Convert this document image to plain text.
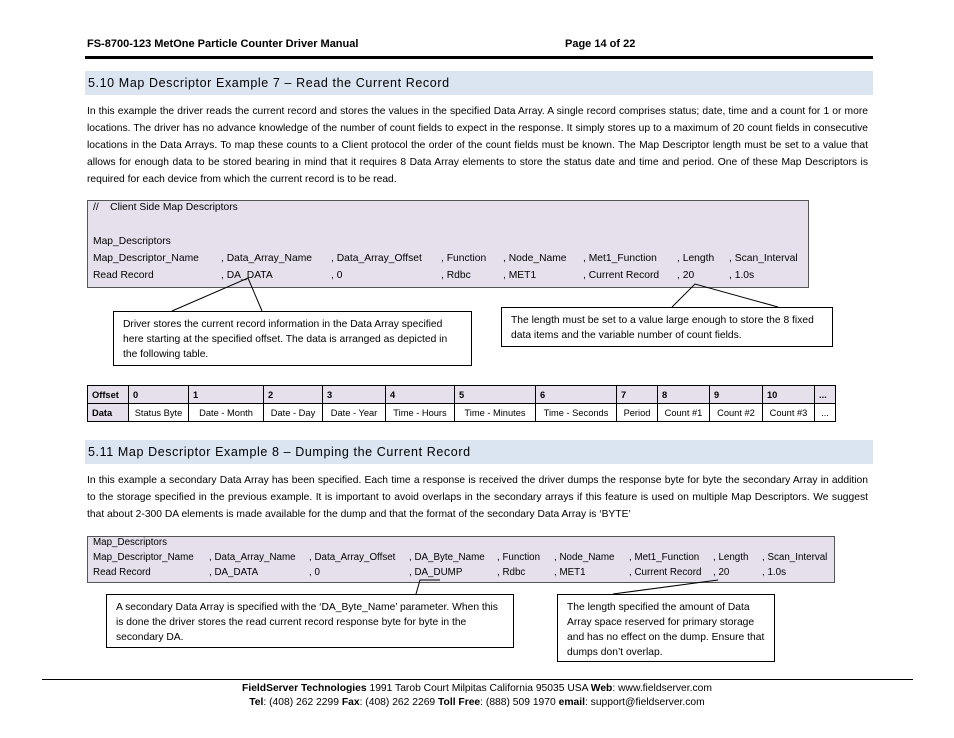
FS-8700-123 MetOne Particle Counter Driver Manual	Page 14 of 22
5.10 Map Descriptor Example 7 – Read the Current Record
In this example the driver reads the current record and stores the values in the specified Data Array. A single record comprises status; date, time and a count for 1 or more locations. The driver has no advance knowledge of the number of count fields to expect in the response. It simply stores up to a maximum of 20 count fields in consecutive locations in the Data Arrays. To map these counts to a Client protocol the order of the count fields must be known. The Map Descriptor length must be set to a value that allows for enough data to be stored bearing in mind that it requires 8 Data Array elements to store the status date and time and period. One of these Map Descriptors is required for each device from which the current record is to be read.
//    Client Side Map Descriptors
Map_Descriptors
Map_Descriptor_Name , Data_Array_Name , Data_Array_Offset , Function , Node_Name , Met1_Function , Length , Scan_Interval
Read Record	, DA_DATA	, 0	, Rdbc	, MET1	, Current Record , 20	, 1.0s
Driver stores the current record information in the Data Array specified here starting at the specified offset. The data is arranged as depicted in the following table.
The length must be set to a value large enough to store the 8 fixed data items and the variable number of count fields.
Offset	0	1	2	3	4	5	6	7	8	9	10	...
Data	Status Byte	Date - Month	Date - Day	Date - Year	Time - Hours	Time - Minutes	Time - Seconds	Period	Count #1	Count #2	Count #3	...
5.11 Map Descriptor Example 8 – Dumping the Current Record
In this example a secondary Data Array has been specified. Each time a response is received the driver dumps the response byte for byte the secondary Array in addition to the storage specified in the previous example. It is important to avoid overlaps in the secondary arrays if this feature is used on multiple Map Descriptors. We suggest that about 2-300 DA elements is made available for the dump and that the format of the secondary Data Array is ‘BYTE’
Map_Descriptors
Map_Descriptor_Name , Data_Array_Name , Data_Array_Offset , DA_Byte_Name , Function , Node_Name , Met1_Function , Length , Scan_Interval
Read Record	, DA_DATA	, 0	, DA_DUMP	, Rdbc	, MET1	, Current Record , 20	, 1.0s
A secondary Data Array is specified with the ‘DA_Byte_Name’ parameter. When this is done the driver stores the read current record response byte for byte in the secondary DA.
The length specified the amount of Data Array space reserved for primary storage and has no effect on the dump. Ensure that dumps don’t overlap.
FieldServer Technologies 1991 Tarob Court Milpitas California 95035 USA Web: www.fieldserver.com
Tel: (408) 262 2299 Fax: (408) 262 2269 Toll Free: (888) 509 1970 email: support@fieldserver.com
